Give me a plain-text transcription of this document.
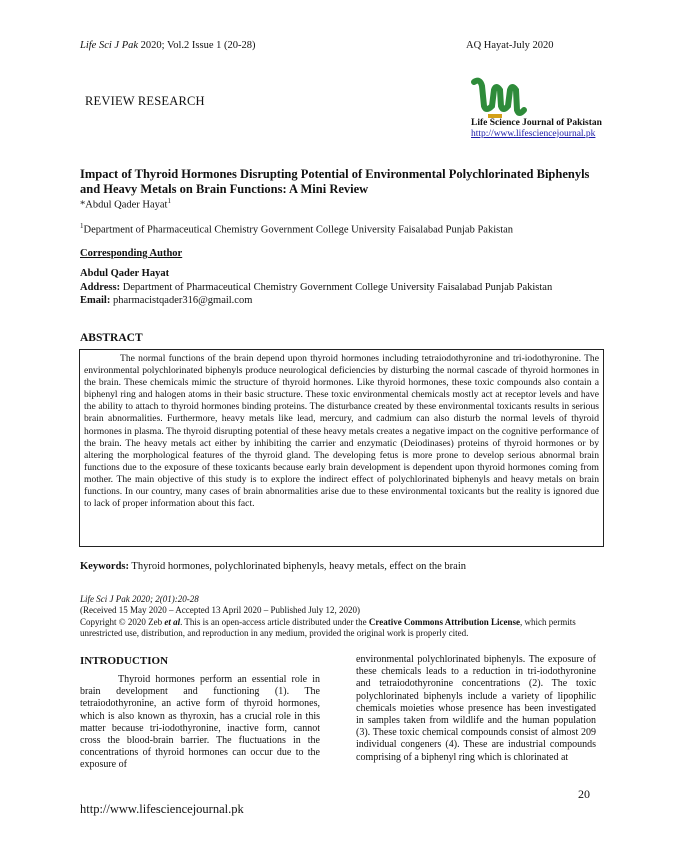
Life Sci J Pak 2020; Vol.2 Issue 1 (20-28)	AQ Hayat-July 2020
REVIEW RESEARCH
Life Science Journal of Pakistan
http://www.lifesciencejournal.pk
Impact of Thyroid Hormones Disrupting Potential of Environmental Polychlorinated Biphenyls and Heavy Metals on Brain Functions: A Mini Review
*Abdul Qader Hayat$^1$
$^1$Department of Pharmaceutical Chemistry Government College University Faisalabad Punjab Pakistan
Corresponding Author
Abdul Qader Hayat
Address: Department of Pharmaceutical Chemistry Government College University Faisalabad Punjab Pakistan
Email: pharmacistqader316@gmail.com
ABSTRACT

The normal functions of the brain depend upon thyroid hormones including tetraiodothyronine and tri-iodothyronine. The environmental polychlorinated biphenyls produce neurological deficiencies by disturbing the normal cascade of thyroid hormones in the brain. These chemicals mimic the structure of thyroid hormones. Like thyroid hormones, these toxic compounds also contain a biphenyl ring and halogen atoms in their basic structure. These toxic environmental chemicals mostly act at receptor levels and have the ability to attach to thyroid hormones binding proteins. The disturbance created by these environmental toxicants results in serious brain abnormalities. Furthermore, heavy metals like lead, mercury, and cadmium can also disturb the normal levels of thyroid hormones in plasma. The thyroid disrupting potential of these heavy metals creates a negative impact on the cognitive performance of the brain. The heavy metals act either by inhibiting the carrier and enzymatic (Deiodinases) proteins of thyroid hormones or by altering the morphological features of the thyroid gland. The developing fetus is more prone to develop serious abnormal brain functions due to the exposure of these toxicants because early brain development is dependent upon thyroid hormones coming from mother. The main objective of this study is to explore the indirect effect of polychlorinated biphenyls and heavy metals on brain functions. In our country, many cases of brain abnormalities arise due to these environmental toxicants but the reality is ignored due to lack of proper information about this fact.

Keywords: Thyroid hormones, polychlorinated biphenyls, heavy metals, effect on the brain
Life Sci J Pak 2020; 2(01):20-28
(Received 15 May 2020 – Accepted 13 April 2020 – Published July 12, 2020)
Copyright © 2020 Zeb et al. This is an open-access article distributed under the Creative Commons Attribution License, which permits unrestricted use, distribution, and reproduction in any medium, provided the original work is properly cited.
INTRODUCTION

Thyroid hormones perform an essential role in brain development and functioning (1). The tetraiodothyronine, an active form of thyroid hormones, which is also known as thyroxin, has a crucial role in this matter because tri-iodothyronine, inactive form, cannot cross the blood-brain barrier. The fluctuations in the concentrations of thyroid hormones can occur due to the exposure of

environmental polychlorinated biphenyls. The exposure of these chemicals leads to a reduction in tri-iodothyronine and tetraiodothyronine concentrations (2). The toxic polychlorinated biphenyls include a variety of lipophilic chemicals moieties whose presence has been investigated in samples taken from wildlife and the human population (3). These toxic chemical compounds consist of almost 209 individual congeners (4). These are industrial compounds comprising of a biphenyl ring which is chlorinated at

20
http://www.lifesciencejournal.pk
